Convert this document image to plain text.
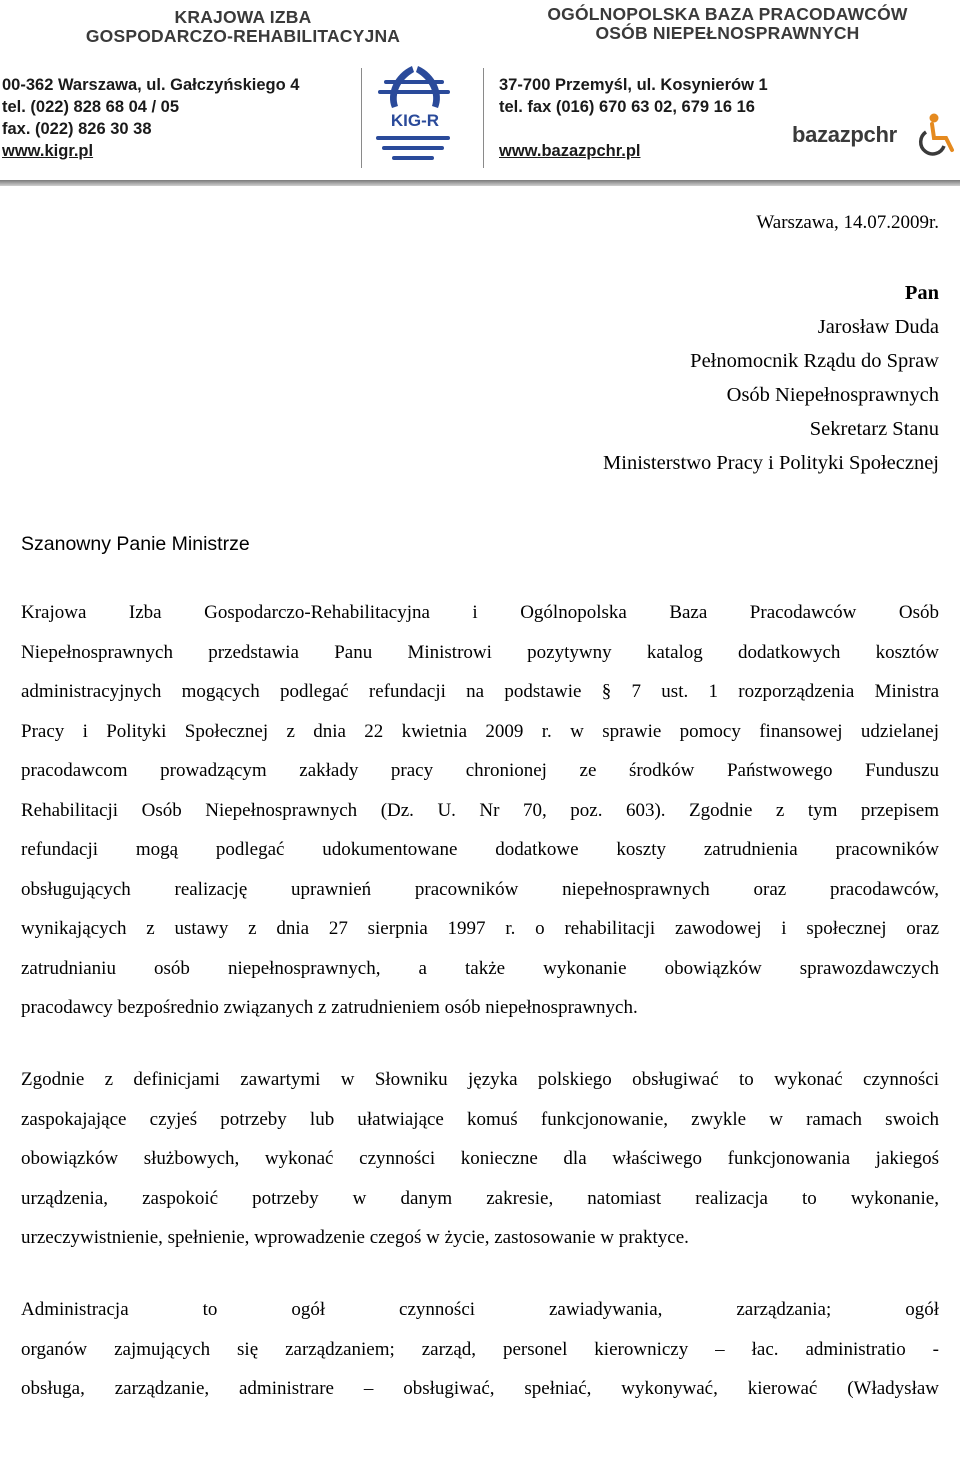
KRAJOWA IZBA
GOSPODARCZO-REHABILITACYJNA
OGÓLNOPOLSKA BAZA PRACODAWCÓW
OSÓB NIEPEŁNOSPRAWNYCH
00-362 Warszawa, ul. Gałczyńskiego 4
tel. (022) 828 68 04 / 05
fax. (022) 826 30 38
www.kigr.pl
KIG-R
37-700 Przemyśl, ul. Kosynierów 1
tel. fax (016) 670 63 02, 679 16 16
www.bazazpchr.pl
bazazpchr
Warszawa, 14.07.2009r.
Pan
Jarosław Duda
Pełnomocnik Rządu do Spraw
Osób Niepełnosprawnych
Sekretarz Stanu
Ministerstwo Pracy i Polityki Społecznej
Szanowny Panie Ministrze
Krajowa Izba Gospodarczo-Rehabilitacyjna i Ogólnopolska Baza Pracodawców Osób
Niepełnosprawnych przedstawia Panu Ministrowi pozytywny katalog dodatkowych kosztów
administracyjnych mogących podlegać refundacji na podstawie § 7 ust. 1 rozporządzenia Ministra
Pracy i Polityki Społecznej z dnia 22 kwietnia 2009 r. w sprawie pomocy finansowej udzielanej
pracodawcom prowadzącym zakłady pracy chronionej ze środków Państwowego Funduszu
Rehabilitacji Osób Niepełnosprawnych (Dz. U. Nr 70, poz. 603). Zgodnie z tym przepisem
refundacji mogą podlegać udokumentowane dodatkowe koszty zatrudnienia pracowników
obsługujących realizację uprawnień pracowników niepełnosprawnych oraz pracodawców,
wynikających z ustawy z dnia 27 sierpnia 1997 r. o rehabilitacji zawodowej i społecznej oraz
zatrudnianiu osób niepełnosprawnych, a także wykonanie obowiązków sprawozdawczych
pracodawcy bezpośrednio związanych z zatrudnieniem osób niepełnosprawnych.
Zgodnie z definicjami zawartymi w Słowniku języka polskiego obsługiwać to wykonać czynności
zaspokajające czyjeś potrzeby lub ułatwiające komuś funkcjonowanie, zwykle w ramach swoich
obowiązków służbowych, wykonać czynności konieczne dla właściwego funkcjonowania jakiegoś
urządzenia, zaspokoić potrzeby w danym zakresie, natomiast realizacja to wykonanie,
urzeczywistnienie, spełnienie, wprowadzenie czegoś w życie, zastosowanie w praktyce.
Administracja to ogół czynności zawiadywania, zarządzania; ogół
organów zajmujących się zarządzaniem; zarząd, personel kierowniczy – łac. administratio -
obsługa, zarządzanie, administrare – obsługiwać, spełniać, wykonywać, kierować (Władysław
